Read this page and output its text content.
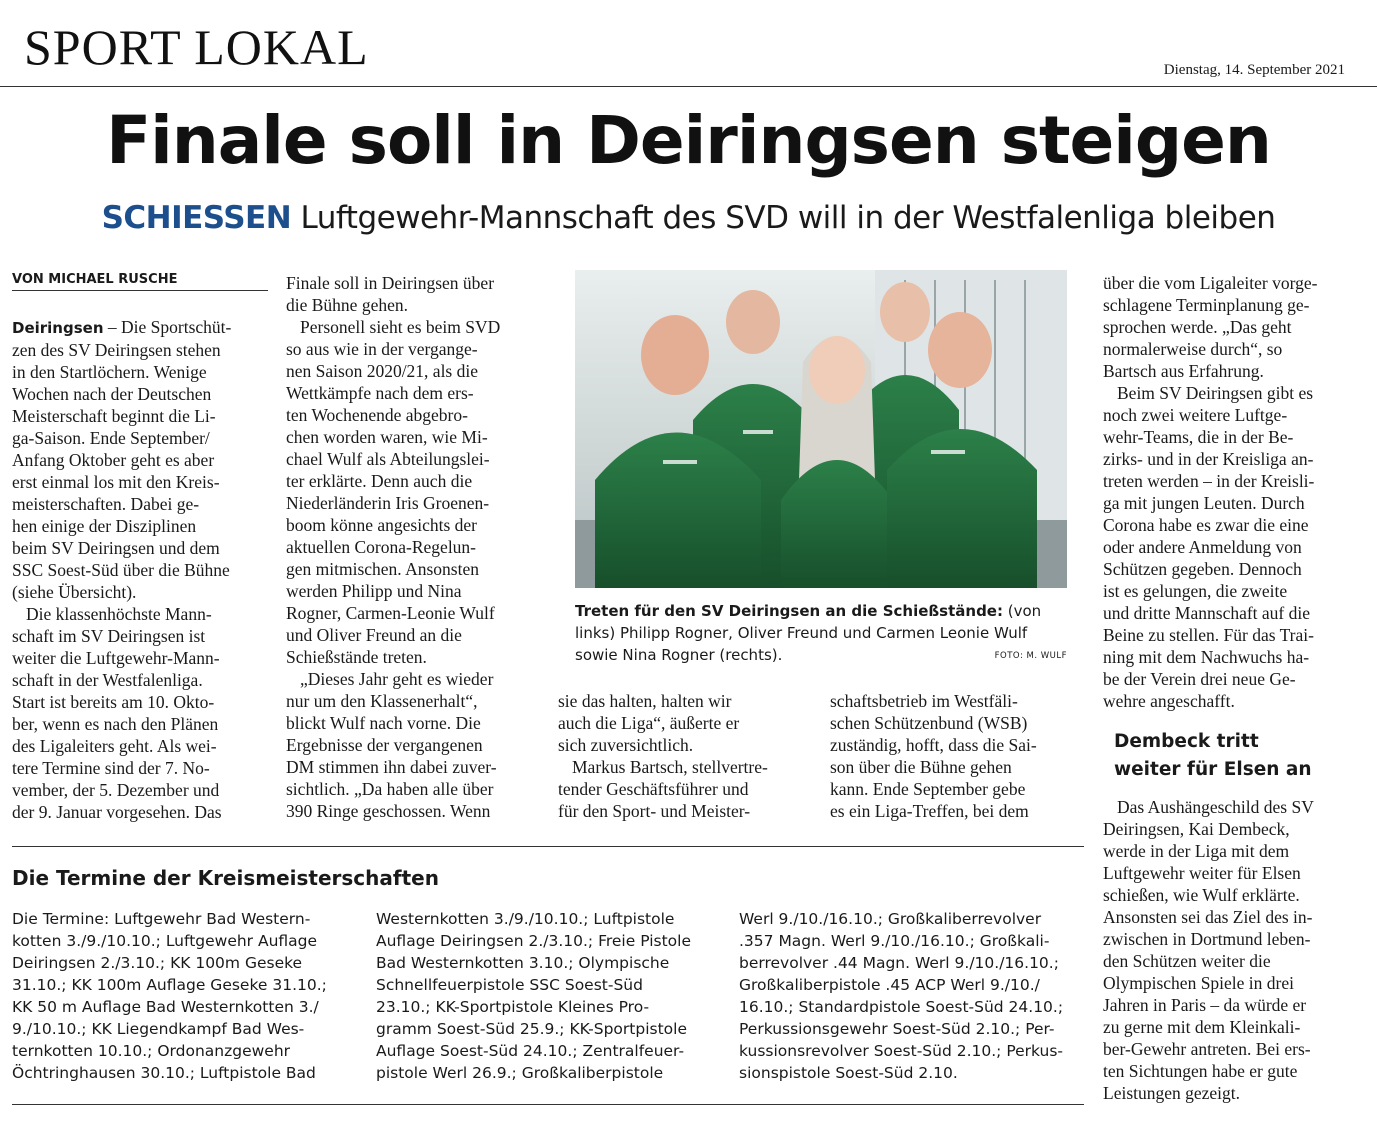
SPORT LOKAL	Dienstag, 14. September 2021
Finale soll in Deiringsen steigen
SCHIESSEN Luftgewehr-Mannschaft des SVD will in der Westfalenliga bleiben
VON MICHAEL RUSCHE

Deiringsen – Die Sportschüt-
zen des SV Deiringsen stehen
in den Startlöchern. Wenige
Wochen nach der Deutschen
Meisterschaft beginnt die Li-
ga-Saison. Ende September/
Anfang Oktober geht es aber
erst einmal los mit den Kreis-
meisterschaften. Dabei ge-
hen einige der Disziplinen
beim SV Deiringsen und dem
SSC Soest-Süd über die Bühne
(siehe Übersicht).

Die klassenhöchste Mann-
schaft im SV Deiringsen ist
weiter die Luftgewehr-Mann-
schaft in der Westfalenliga.
Start ist bereits am 10. Okto-
ber, wenn es nach den Plänen
des Ligaleiters geht. Als wei-
tere Termine sind der 7. No-
vember, der 5. Dezember und
der 9. Januar vorgesehen. Das

Finale soll in Deiringsen über
die Bühne gehen.

Personell sieht es beim SVD
so aus wie in der vergange-
nen Saison 2020/21, als die
Wettkämpfe nach dem ers-
ten Wochenende abgebro-
chen worden waren, wie Mi-
chael Wulf als Abteilungslei-
ter erklärte. Denn auch die
Niederländerin Iris Groenen-
boom könne angesichts der
aktuellen Corona-Regelun-
gen mitmischen. Ansonsten
werden Philipp und Nina
Rogner, Carmen-Leonie Wulf
und Oliver Freund an die
Schießstände treten.

„Dieses Jahr geht es wieder
nur um den Klassenerhalt“,
blickt Wulf nach vorne. Die
Ergebnisse der vergangenen
DM stimmen ihn dabei zuver-
sichtlich. „Da haben alle über
390 Ringe geschossen. Wenn

Treten für den SV Deiringsen an die Schießstände: (von links) Philipp Rogner, Oliver Freund und Carmen Leonie Wulf sowie Nina Rogner (rechts).	FOTO: M. WULF

sie das halten, halten wir
auch die Liga“, äußerte er
sich zuversichtlich.

Markus Bartsch, stellvertre-
tender Geschäftsführer und
für den Sport- und Meister-

schaftsbetrieb im Westfäli-
schen Schützenbund (WSB)
zuständig, hofft, dass die Sai-
son über die Bühne gehen
kann. Ende September gebe
es ein Liga-Treffen, bei dem

über die vom Ligaleiter vorge-
schlagene Terminplanung ge-
sprochen werde. „Das geht
normalerweise durch“, so
Bartsch aus Erfahrung.

Beim SV Deiringsen gibt es
noch zwei weitere Luftge-
wehr-Teams, die in der Be-
zirks- und in der Kreisliga an-
treten werden – in der Kreisli-
ga mit jungen Leuten. Durch
Corona habe es zwar die eine
oder andere Anmeldung von
Schützen gegeben. Dennoch
ist es gelungen, die zweite
und dritte Mannschaft auf die
Beine zu stellen. Für das Trai-
ning mit dem Nachwuchs ha-
be der Verein drei neue Ge-
wehre angeschafft.

Dembeck tritt
weiter für Elsen an

Das Aushängeschild des SV
Deiringsen, Kai Dembeck,
werde in der Liga mit dem
Luftgewehr weiter für Elsen
schießen, wie Wulf erklärte.
Ansonsten sei das Ziel des in-
zwischen in Dortmund leben-
den Schützen weiter die
Olympischen Spiele in drei
Jahren in Paris – da würde er
zu gerne mit dem Kleinkali-
ber-Gewehr antreten. Bei ers-
ten Sichtungen habe er gute
Leistungen gezeigt.

Die Termine der Kreismeisterschaften
Die Termine: Luftgewehr Bad Western-
kotten 3./9./10.10.; Luftgewehr Auflage
Deiringsen 2./3.10.; KK 100m Geseke
31.10.; KK 100m Auflage Geseke 31.10.;
KK 50 m Auflage Bad Westernkotten 3./
9./10.10.; KK Liegendkampf Bad Wes-
ternkotten 10.10.; Ordonanzgewehr
Öchtringhausen 30.10.; Luftpistole Bad
Westernkotten 3./9./10.10.; Luftpistole
Auflage Deiringsen 2./3.10.; Freie Pistole
Bad Westernkotten 3.10.; Olympische
Schnellfeuerpistole SSC Soest-Süd
23.10.; KK-Sportpistole Kleines Pro-
gramm Soest-Süd 25.9.; KK-Sportpistole
Auflage Soest-Süd 24.10.; Zentralfeuer-
pistole Werl 26.9.; Großkaliberpistole
Werl 9./10./16.10.; Großkaliberrevolver
.357 Magn. Werl 9./10./16.10.; Großkali-
berrevolver .44 Magn. Werl 9./10./16.10.;
Großkaliberpistole .45 ACP Werl 9./10./
16.10.; Standardpistole Soest-Süd 24.10.;
Perkussionsgewehr Soest-Süd 2.10.; Per-
kussionsrevolver Soest-Süd 2.10.; Perkus-
sionspistole Soest-Süd 2.10.
